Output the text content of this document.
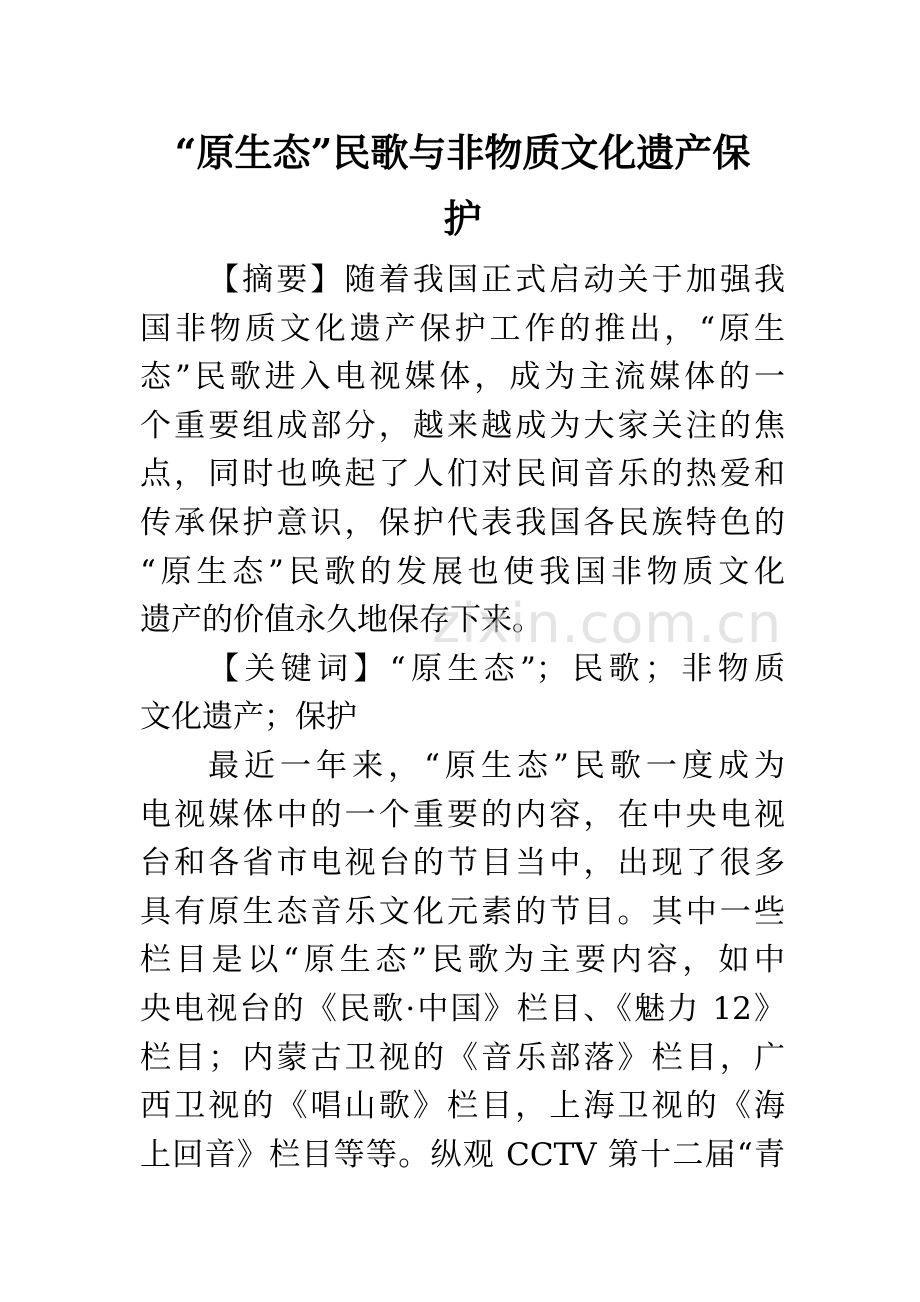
“原生态”民歌与非物质文化遗产保
护
【摘要】随着我国正式启动关于加强我
国非物质文化遗产保护工作的推出，“原生
态”民歌进入电视媒体，成为主流媒体的一
个重要组成部分，越来越成为大家关注的焦
点，同时也唤起了人们对民间音乐的热爱和
传承保护意识，保护代表我国各民族特色的
“原生态”民歌的发展也使我国非物质文化
遗产的价值永久地保存下来。
【关键词】“原生态”；民歌；非物质
文化遗产；保护
最近一年来，“原生态”民歌一度成为
电视媒体中的一个重要的内容，在中央电视
台和各省市电视台的节目当中，出现了很多
具有原生态音乐文化元素的节目。其中一些
栏目是以“原生态”民歌为主要内容，如中
央电视台的《民歌·中国》栏目、《魅力 12》
栏目；内蒙古卫视的《音乐部落》栏目，广
西卫视的《唱山歌》栏目，上海卫视的《海
上回音》栏目等等。纵观 CCTV 第十二届“青
zixin.com.cn
